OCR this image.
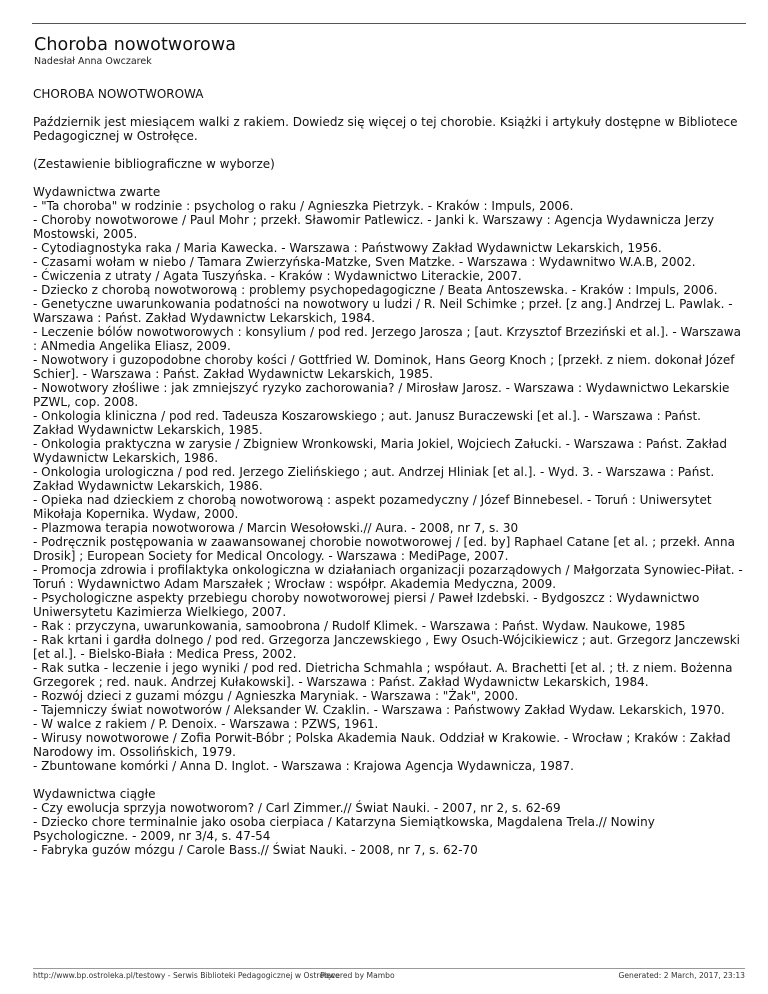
Choroba nowotworowa
Nadesłał Anna Owczarek

CHOROBA NOWOTWOROWA

Październik jest miesiącem walki z rakiem. Dowiedz się więcej o tej chorobie. Książki i artykuły dostępne w Bibliotece Pedagogicznej w Ostrołęce.

(Zestawienie bibliograficzne w wyborze)

Wydawnictwa zwarte

- "Ta choroba" w rodzinie : psycholog o raku / Agnieszka Pietrzyk. - Kraków : Impuls, 2006.

- Choroby nowotworowe / Paul Mohr ; przekł. Sławomir Patlewicz. - Janki k. Warszawy : Agencja Wydawnicza Jerzy Mostowski, 2005.

- Cytodiagnostyka raka / Maria Kawecka. - Warszawa : Państwowy Zakład Wydawnictw Lekarskich, 1956.

- Czasami wołam w niebo / Tamara Zwierzyńska-Matzke, Sven Matzke. - Warszawa : Wydawnitwo W.A.B, 2002.

- Ćwiczenia z utraty / Agata Tuszyńska. - Kraków : Wydawnictwo Literackie, 2007.

- Dziecko z chorobą nowotworową : problemy psychopedagogiczne / Beata Antoszewska. - Kraków : Impuls, 2006.

- Genetyczne uwarunkowania podatności na nowotwory u ludzi / R. Neil Schimke ; przeł. [z ang.] Andrzej L. Pawlak. - Warszawa : Państ. Zakład Wydawnictw Lekarskich, 1984.

- Leczenie bólów nowotworowych : konsylium / pod red. Jerzego Jarosza ; [aut. Krzysztof Brzeziński et al.]. - Warszawa : ANmedia Angelika Eliasz, 2009.

- Nowotwory i guzopodobne choroby kości / Gottfried W. Dominok, Hans Georg Knoch ; [przekł. z niem. dokonał Józef Schier]. - Warszawa : Państ. Zakład Wydawnictw Lekarskich, 1985.

- Nowotwory złośliwe : jak zmniejszyć ryzyko zachorowania? / Mirosław Jarosz. - Warszawa : Wydawnictwo Lekarskie PZWL, cop. 2008.

- Onkologia kliniczna / pod red. Tadeusza Koszarowskiego ; aut. Janusz Buraczewski [et al.]. - Warszawa : Państ. Zakład Wydawnictw Lekarskich, 1985.

- Onkologia praktyczna w zarysie / Zbigniew Wronkowski, Maria Jokiel, Wojciech Załucki. - Warszawa : Państ. Zakład Wydawnictw Lekarskich, 1986.

- Onkologia urologiczna / pod red. Jerzego Zielińskiego ; aut. Andrzej Hliniak [et al.]. - Wyd. 3. - Warszawa : Państ. Zakład Wydawnictw Lekarskich, 1986.

- Opieka nad dzieckiem z chorobą nowotworową : aspekt pozamedyczny / Józef Binnebesel. - Toruń : Uniwersytet Mikołaja Kopernika. Wydaw, 2000.

- Plazmowa terapia nowotworowa / Marcin Wesołowski.// Aura. - 2008, nr 7, s. 30

- Podręcznik postępowania w zaawansowanej chorobie nowotworowej / [ed. by] Raphael Catane [et al. ; przekł. Anna Drosik] ; European Society for Medical Oncology. - Warszawa : MediPage, 2007.

- Promocja zdrowia i profilaktyka onkologiczna w działaniach organizacji pozarządowych / Małgorzata Synowiec-Piłat. - Toruń : Wydawnictwo Adam Marszałek ; Wrocław : współpr. Akademia Medyczna, 2009.

- Psychologiczne aspekty przebiegu choroby nowotworowej piersi / Paweł Izdebski. - Bydgoszcz : Wydawnictwo Uniwersytetu Kazimierza Wielkiego, 2007.

- Rak : przyczyna, uwarunkowania, samoobrona / Rudolf Klimek. - Warszawa : Państ. Wydaw. Naukowe, 1985

- Rak krtani i gardła dolnego / pod red. Grzegorza Janczewskiego , Ewy Osuch-Wójcikiewicz ; aut. Grzegorz Janczewski [et al.]. - Bielsko-Biała : Medica Press, 2002.

- Rak sutka - leczenie i jego wyniki / pod red. Dietricha Schmahla ; współaut. A. Brachetti [et al. ; tł. z niem. Bożenna Grzegorek ; red. nauk. Andrzej Kułakowski]. - Warszawa : Państ. Zakład Wydawnictw Lekarskich, 1984.

- Rozwój dzieci z guzami mózgu / Agnieszka Maryniak. - Warszawa : "Żak", 2000.

- Tajemniczy świat nowotworów / Aleksander W. Czaklin. - Warszawa : Państwowy Zakład Wydaw. Lekarskich, 1970.

- W walce z rakiem / P. Denoix. - Warszawa : PZWS, 1961.

- Wirusy nowotworowe / Zofia Porwit-Bóbr ; Polska Akademia Nauk. Oddział w Krakowie. - Wrocław ; Kraków : Zakład Narodowy im. Ossolińskich, 1979.

- Zbuntowane komórki / Anna D. Inglot. - Warszawa : Krajowa Agencja Wydawnicza, 1987.

Wydawnictwa ciągłe

- Czy ewolucja sprzyja nowotworom? / Carl Zimmer.// Świat Nauki. - 2007, nr 2, s. 62-69

- Dziecko chore terminalnie jako osoba cierpiaca / Katarzyna Siemiątkowska, Magdalena Trela.// Nowiny Psychologiczne. - 2009, nr 3/4, s. 47-54

- Fabryka guzów mózgu / Carole Bass.// Świat Nauki. - 2008, nr 7, s. 62-70

http://www.bp.ostroleka.pl/testowy - Serwis Biblioteki Pedagogicznej w Ostrołęce Powered by Mambo	Generated: 2 March, 2017, 23:13
